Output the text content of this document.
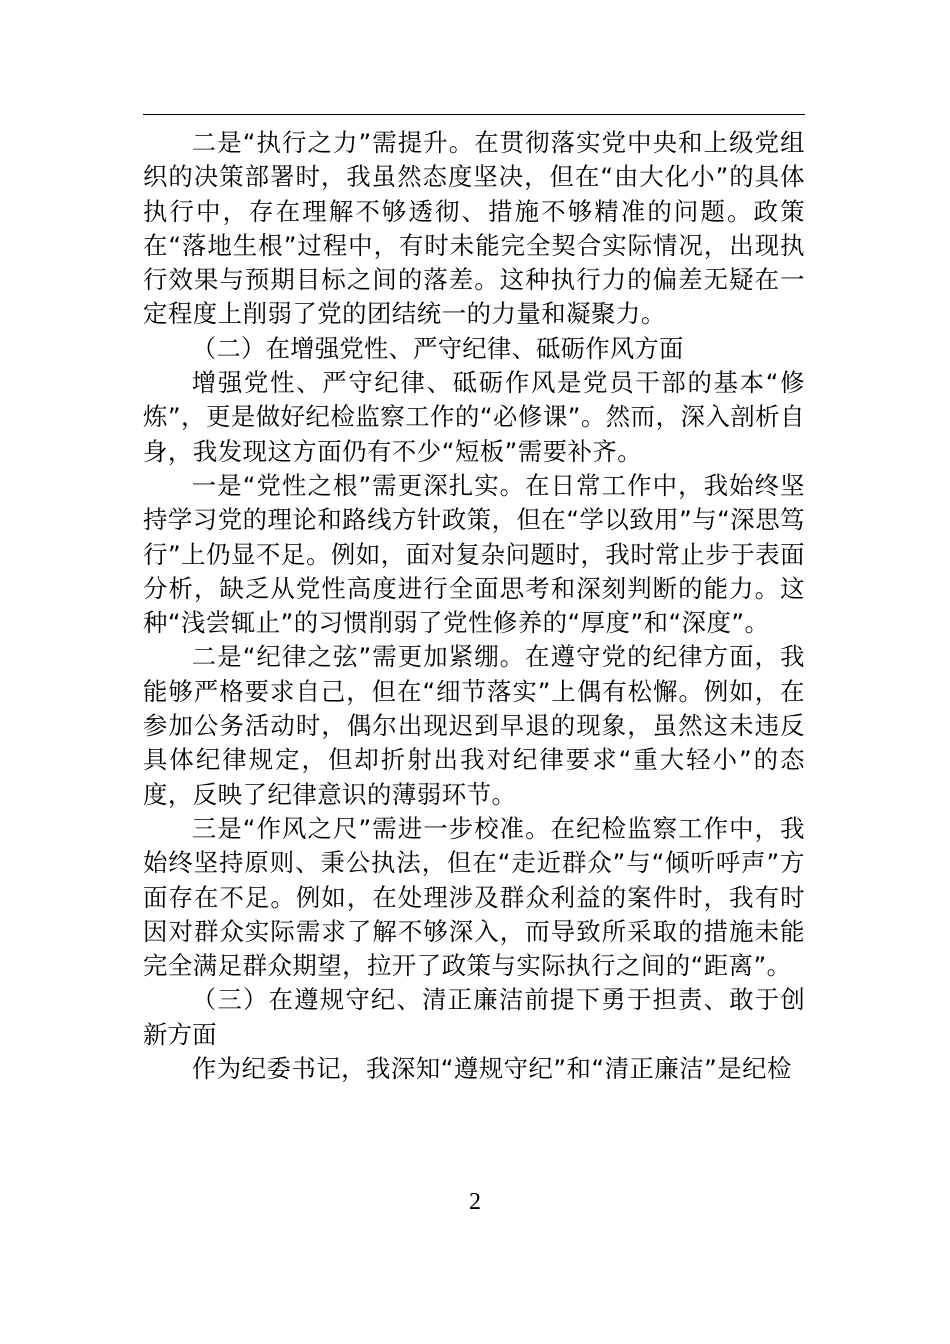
二是“执行之力”需提升。在贯彻落实党中央和上级党组织的决策部署时，我虽然态度坚决，但在“由大化小”的具体执行中，存在理解不够透彻、措施不够精准的问题。政策在“落地生根”过程中，有时未能完全契合实际情况，出现执行效果与预期目标之间的落差。这种执行力的偏差无疑在一定程度上削弱了党的团结统一的力量和凝聚力。

（二）在增强党性、严守纪律、砥砺作风方面

增强党性、严守纪律、砥砺作风是党员干部的基本“修炼”，更是做好纪检监察工作的“必修课”。然而，深入剖析自身，我发现这方面仍有不少“短板”需要补齐。

一是“党性之根”需更深扎实。在日常工作中，我始终坚持学习党的理论和路线方针政策，但在“学以致用”与“深思笃行”上仍显不足。例如，面对复杂问题时，我时常止步于表面分析，缺乏从党性高度进行全面思考和深刻判断的能力。这种“浅尝辄止”的习惯削弱了党性修养的“厚度”和“深度”。

二是“纪律之弦”需更加紧绷。在遵守党的纪律方面，我能够严格要求自己，但在“细节落实”上偶有松懈。例如，在参加公务活动时，偶尔出现迟到早退的现象，虽然这未违反具体纪律规定，但却折射出我对纪律要求“重大轻小”的态度，反映了纪律意识的薄弱环节。

三是“作风之尺”需进一步校准。在纪检监察工作中，我始终坚持原则、秉公执法，但在“走近群众”与“倾听呼声”方面存在不足。例如，在处理涉及群众利益的案件时，我有时因对群众实际需求了解不够深入，而导致所采取的措施未能完全满足群众期望，拉开了政策与实际执行之间的“距离”。

（三）在遵规守纪、清正廉洁前提下勇于担责、敢于创新方面

作为纪委书记，我深知“遵规守纪”和“清正廉洁”是纪检

2
